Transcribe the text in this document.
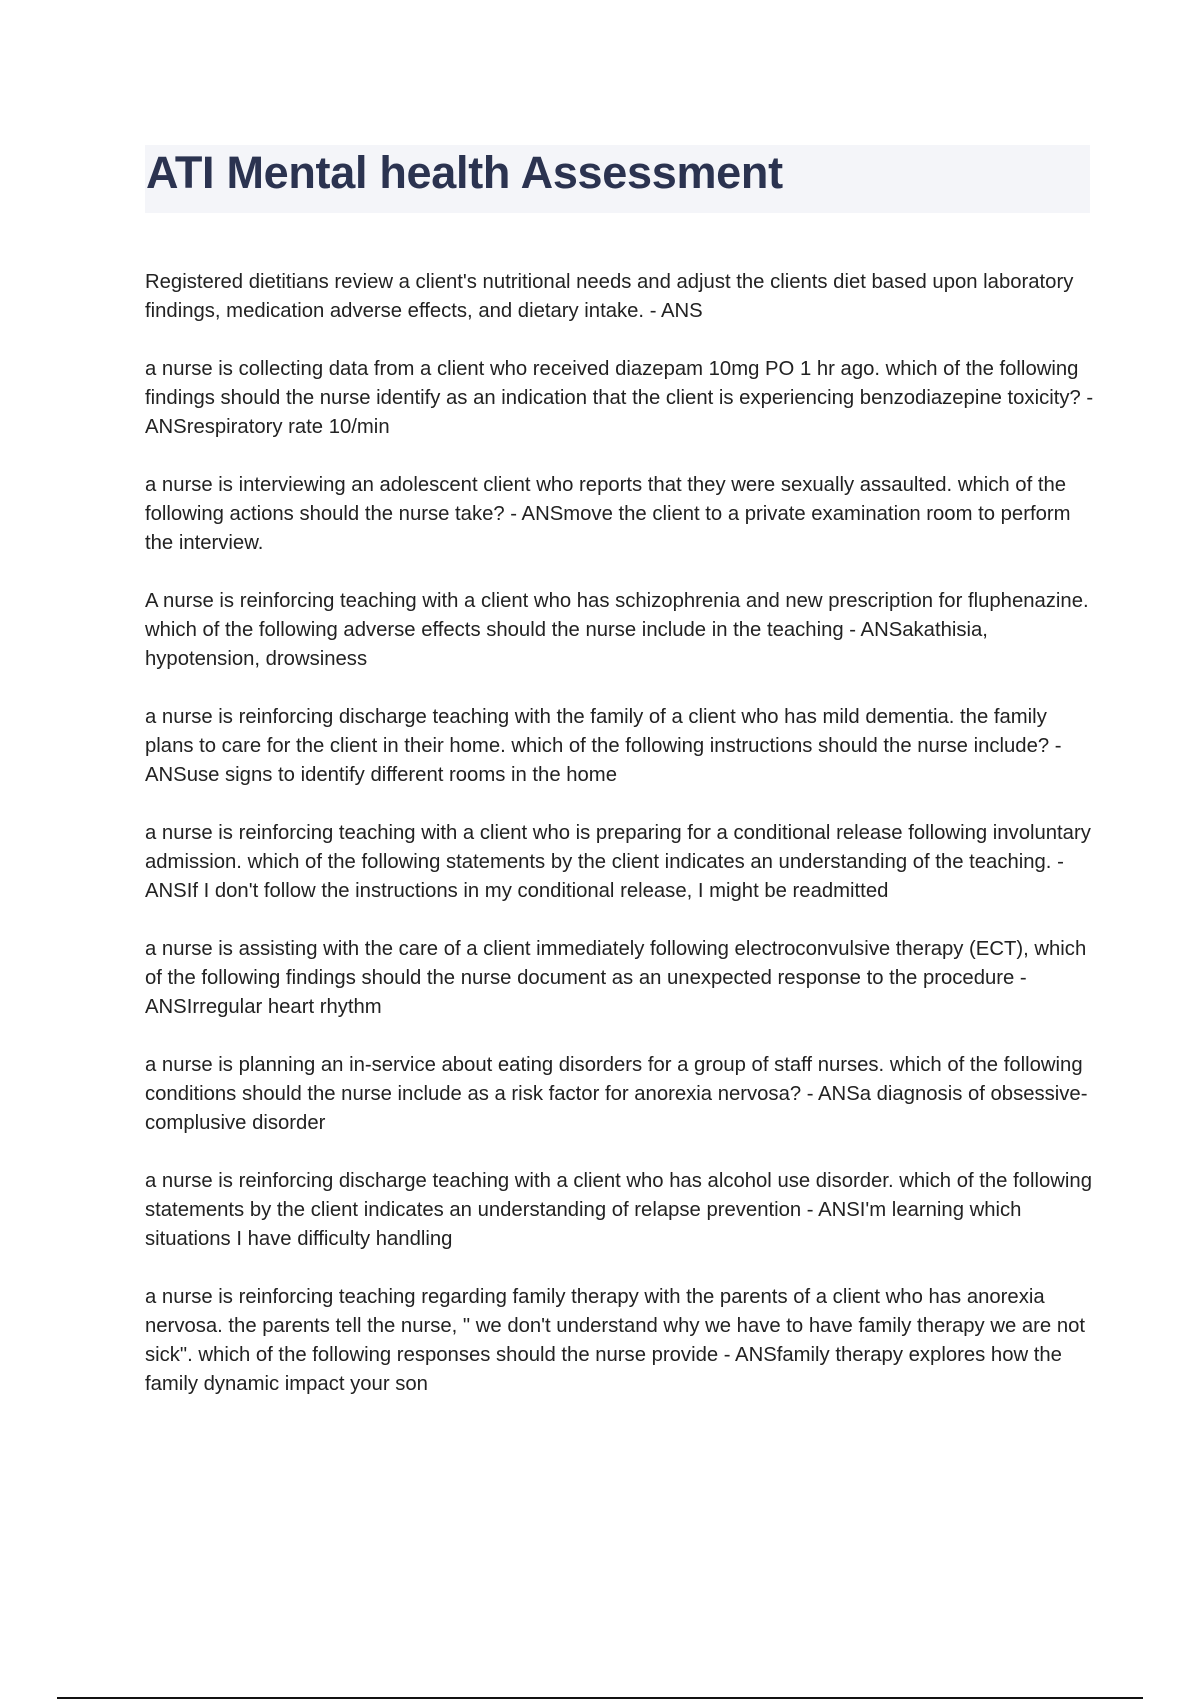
ATI Mental health Assessment

Registered dietitians review a client's nutritional needs and adjust the clients diet based upon laboratory findings, medication adverse effects, and dietary intake. - ANS

a nurse is collecting data from a client who received diazepam 10mg PO 1 hr ago. which of the following findings should the nurse identify as an indication that the client is experiencing benzodiazepine toxicity? - ANSrespiratory rate 10/min

a nurse is interviewing an adolescent client who reports that they were sexually assaulted. which of the following actions should the nurse take? - ANSmove the client to a private examination room to perform the interview.

A nurse is reinforcing teaching with a client who has schizophrenia and new prescription for fluphenazine. which of the following adverse effects should the nurse include in the teaching - ANSakathisia, hypotension, drowsiness

a nurse is reinforcing discharge teaching with the family of a client who has mild dementia. the family plans to care for the client in their home. which of the following instructions should the nurse include? - ANSuse signs to identify different rooms in the home

a nurse is reinforcing teaching with a client who is preparing for a conditional release following involuntary admission. which of the following statements by the client indicates an understanding of the teaching. - ANSIf I don't follow the instructions in my conditional release, I might be readmitted

a nurse is assisting with the care of a client immediately following electroconvulsive therapy (ECT), which of the following findings should the nurse document as an unexpected response to the procedure - ANSIrregular heart rhythm

a nurse is planning an in-service about eating disorders for a group of staff nurses. which of the following conditions should the nurse include as a risk factor for anorexia nervosa? - ANSa diagnosis of obsessive-complusive disorder

a nurse is reinforcing discharge teaching with a client who has alcohol use disorder. which of the following statements by the client indicates an understanding of relapse prevention - ANSI'm learning which situations I have difficulty handling

a nurse is reinforcing teaching regarding family therapy with the parents of a client who has anorexia nervosa. the parents tell the nurse, " we don't understand why we have to have family therapy we are not sick". which of the following responses should the nurse provide - ANSfamily therapy explores how the family dynamic impact your son
